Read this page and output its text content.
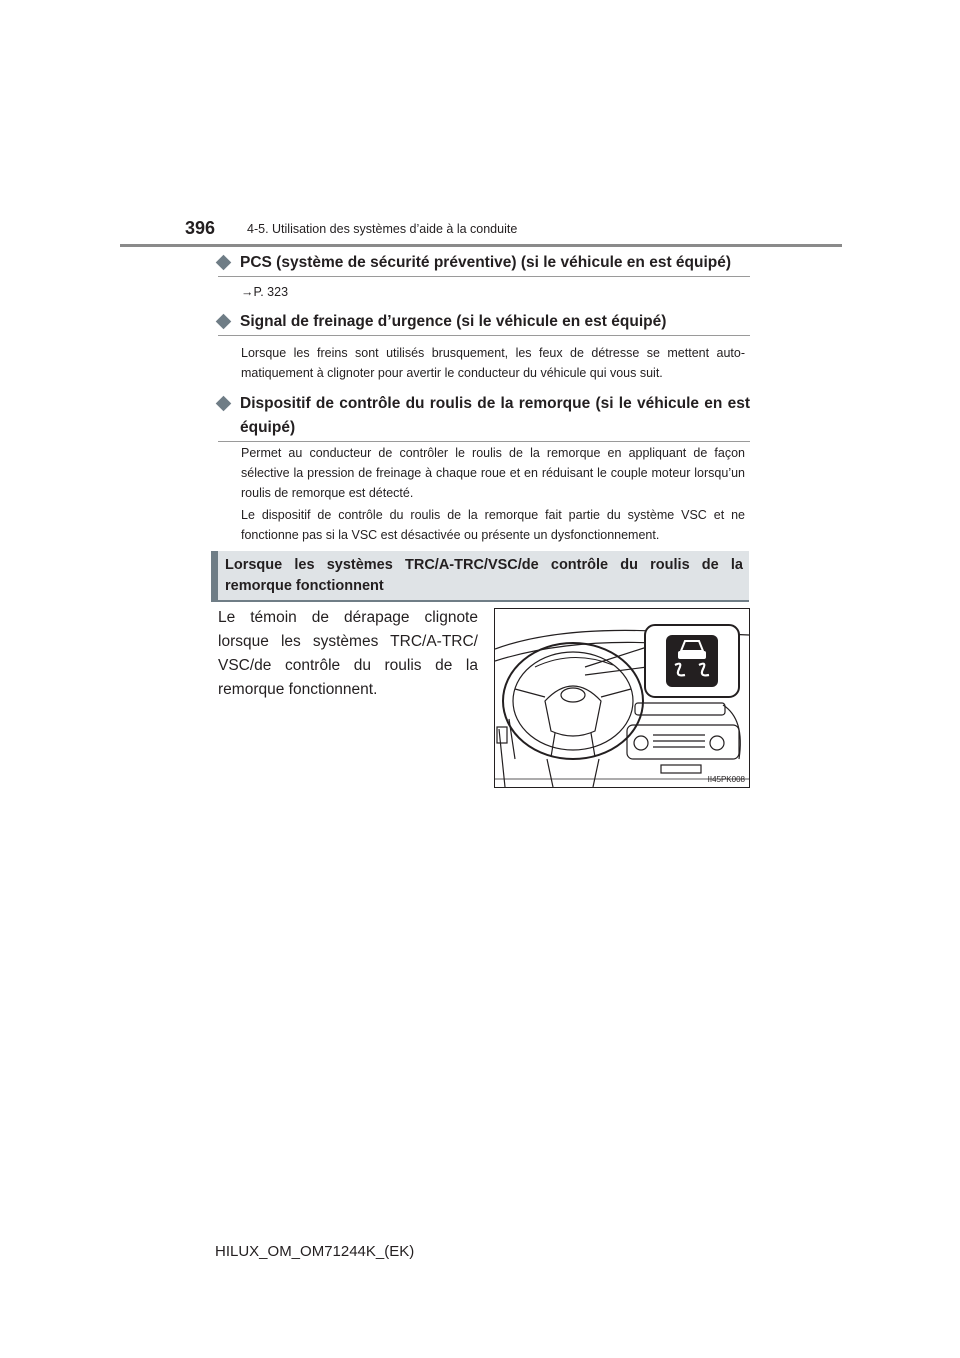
396	4-5. Utilisation des systèmes d’aide à la conduite
PCS (système de sécurité préventive) (si le véhicule en est équipé)
→P. 323
Signal de freinage d’urgence (si le véhicule en est équipé)
Lorsque les freins sont utilisés brusquement, les feux de détresse se mettent auto-matiquement à clignoter pour avertir le conducteur du véhicule qui vous suit.
Dispositif de contrôle du roulis de la remorque (si le véhicule en est équipé)
Permet au conducteur de contrôler le roulis de la remorque en appliquant de façon sélective la pression de freinage à chaque roue et en réduisant le couple moteur lorsqu’un roulis de remorque est détecté.
Le dispositif de contrôle du roulis de la remorque fait partie du système VSC et ne fonctionne pas si la VSC est désactivée ou présente un dysfonctionnement.
Lorsque les systèmes TRC/A-TRC/VSC/de contrôle du roulis de la remorque fonctionnent
Le témoin de dérapage clignote lorsque les systèmes TRC/A-TRC/ VSC/de contrôle du roulis de la remorque fonctionnent.
II45PK008
HILUX_OM_OM71244K_(EK)
